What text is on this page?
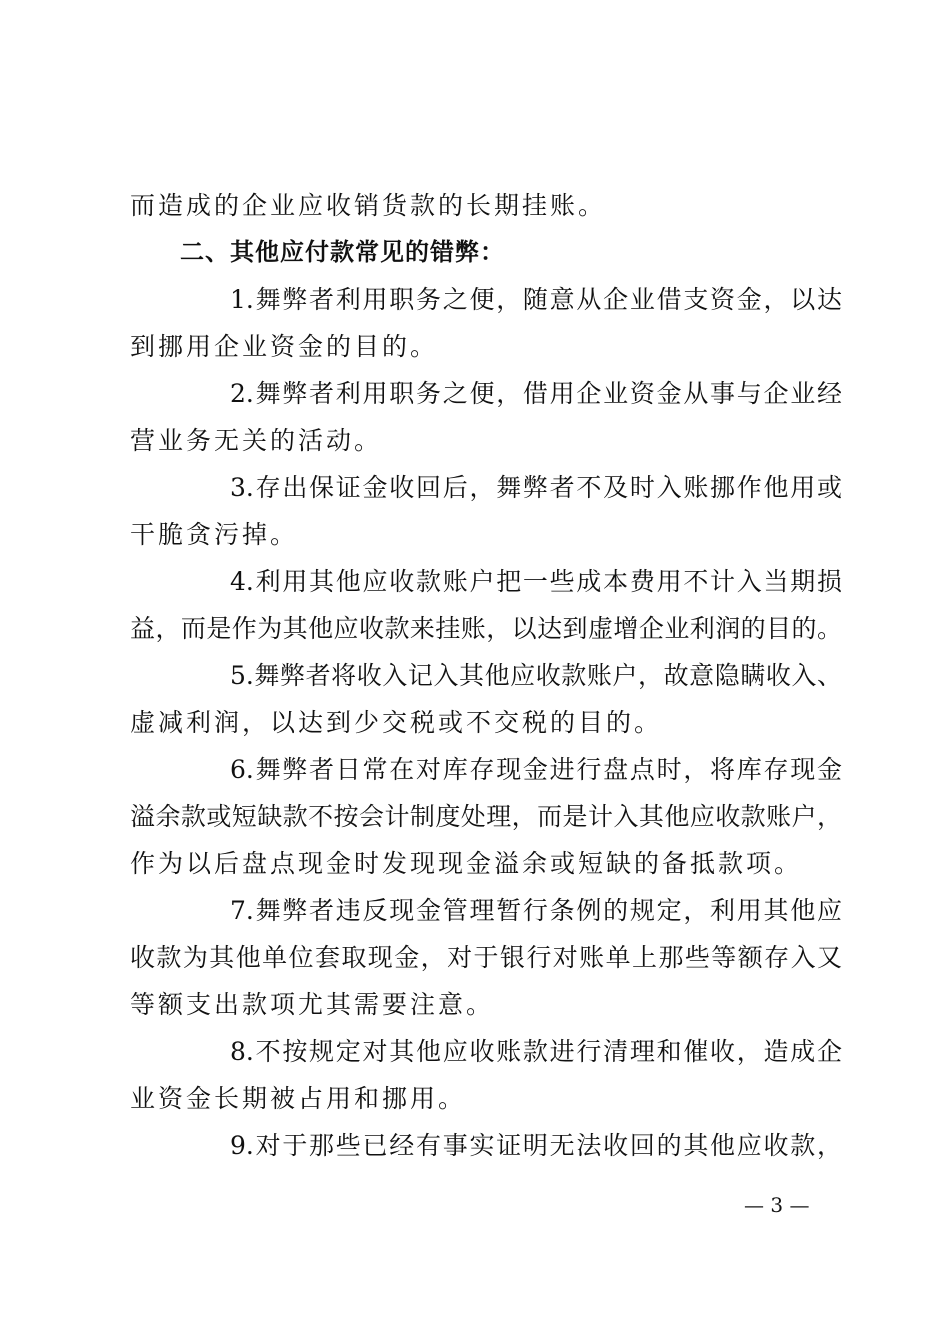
而造成的企业应收销货款的长期挂账。
二、其他应付款常见的错弊：
1.舞弊者利用职务之便，随意从企业借支资金，以达
到挪用企业资金的目的。
2.舞弊者利用职务之便，借用企业资金从事与企业经
营业务无关的活动。
3.存出保证金收回后，舞弊者不及时入账挪作他用或
干脆贪污掉。
4.利用其他应收款账户把一些成本费用不计入当期损
益，而是作为其他应收款来挂账，以达到虚增企业利润的目的。
5.舞弊者将收入记入其他应收款账户，故意隐瞒收入、
虚减利润，以达到少交税或不交税的目的。
6.舞弊者日常在对库存现金进行盘点时，将库存现金
溢余款或短缺款不按会计制度处理，而是计入其他应收款账户，
作为以后盘点现金时发现现金溢余或短缺的备抵款项。
7.舞弊者违反现金管理暂行条例的规定，利用其他应
收款为其他单位套取现金，对于银行对账单上那些等额存入又
等额支出款项尤其需要注意。
8.不按规定对其他应收账款进行清理和催收，造成企
业资金长期被占用和挪用。
9.对于那些已经有事实证明无法收回的其他应收款，
— 3 —
